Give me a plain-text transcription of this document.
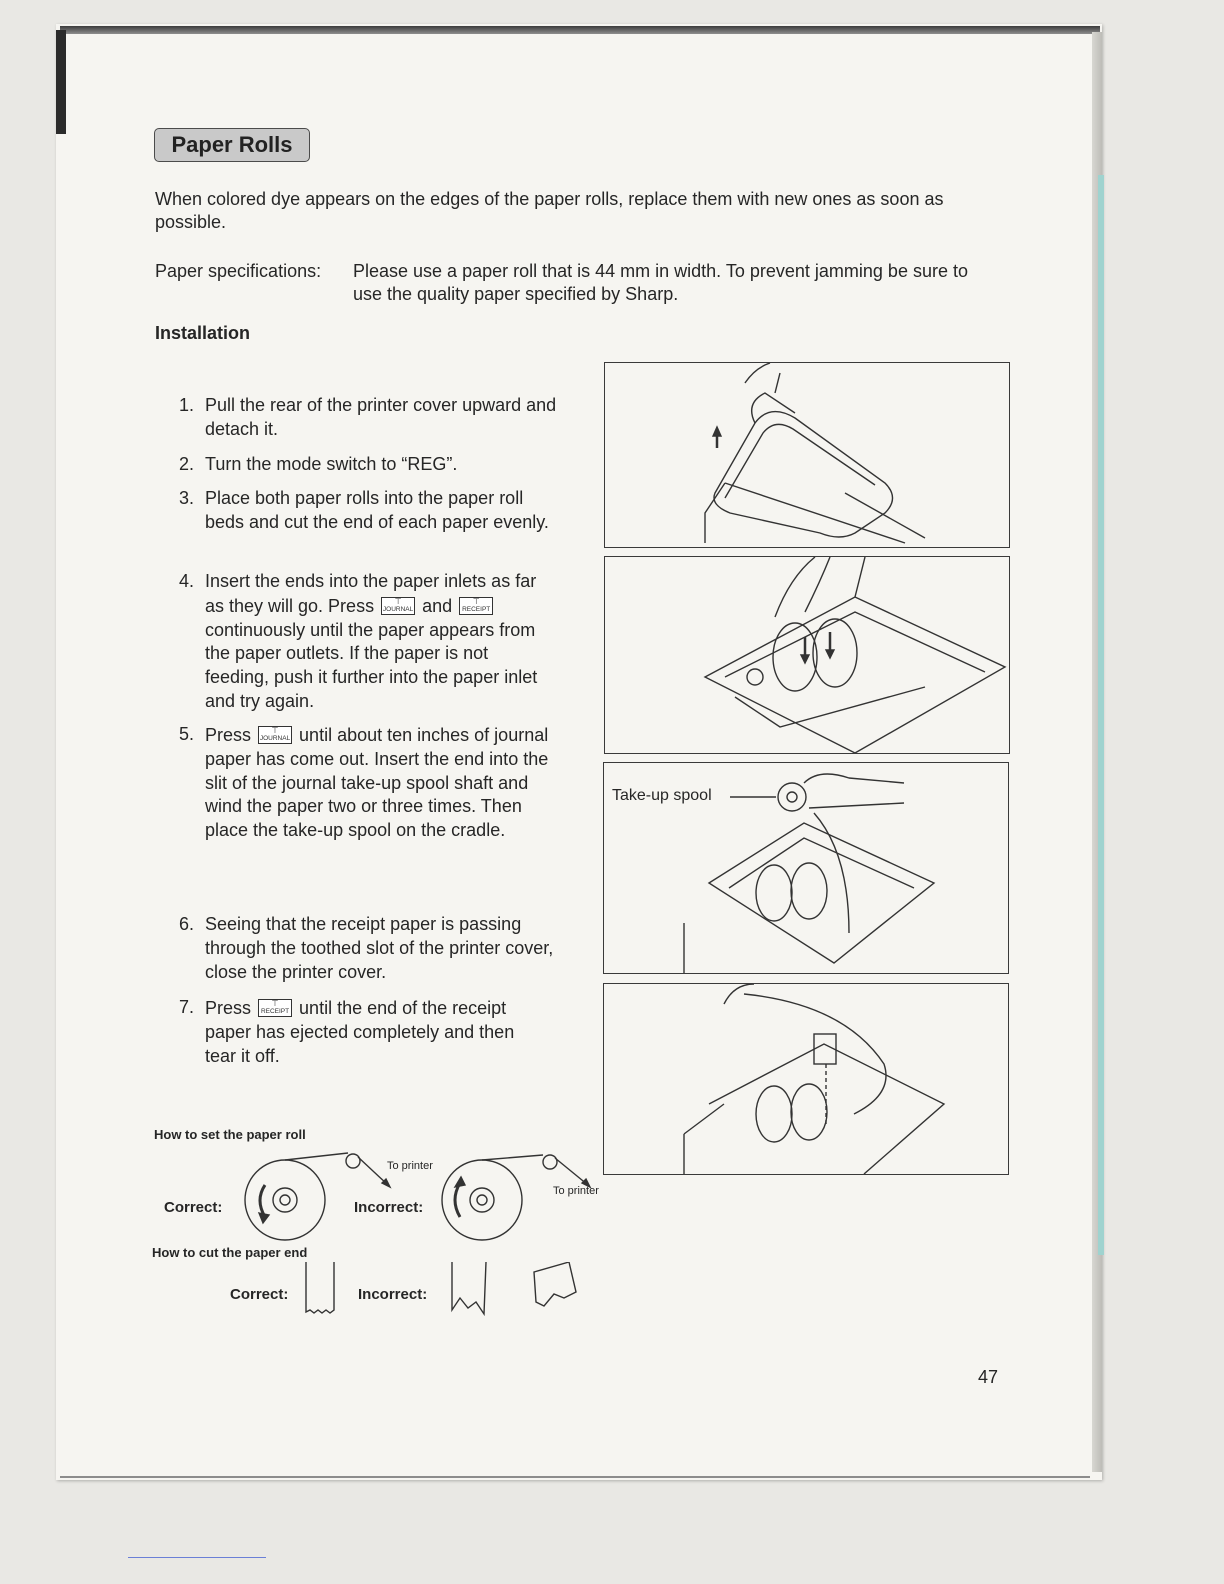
Paper Rolls
When colored dye appears on the edges of the paper rolls, replace them with new ones as soon as possible.
Paper specifications: Please use a paper roll that is 44 mm in width. To prevent jamming be sure to use the quality paper specified by Sharp.
Installation
1. Pull the rear of the printer cover upward and detach it.
2. Turn the mode switch to “REG”.
3. Place both paper rolls into the paper roll beds and cut the end of each paper evenly.
4. Insert the ends into the paper inlets as far as they will go. Press	⊤
JOURNAL and	⊤
RECEIPT continuously until the paper appears from the paper outlets. If the paper is not feeding, push it further into the paper inlet and try again.
5. Press	⊤
JOURNAL until about ten inches of journal paper has come out. Insert the end into the slit of the journal take-up spool shaft and wind the paper two or three times. Then place the take-up spool on the cradle.
6. Seeing that the receipt paper is passing through the toothed slot of the printer cover, close the printer cover.
7. Press	⊤
RECEIPT until the end of the receipt paper has ejected completely and then tear it off.
Take-up spool
How to set the paper roll
Correct:	Incorrect:
To printer
To printer
How to cut the paper end
Correct:	Incorrect:
47
